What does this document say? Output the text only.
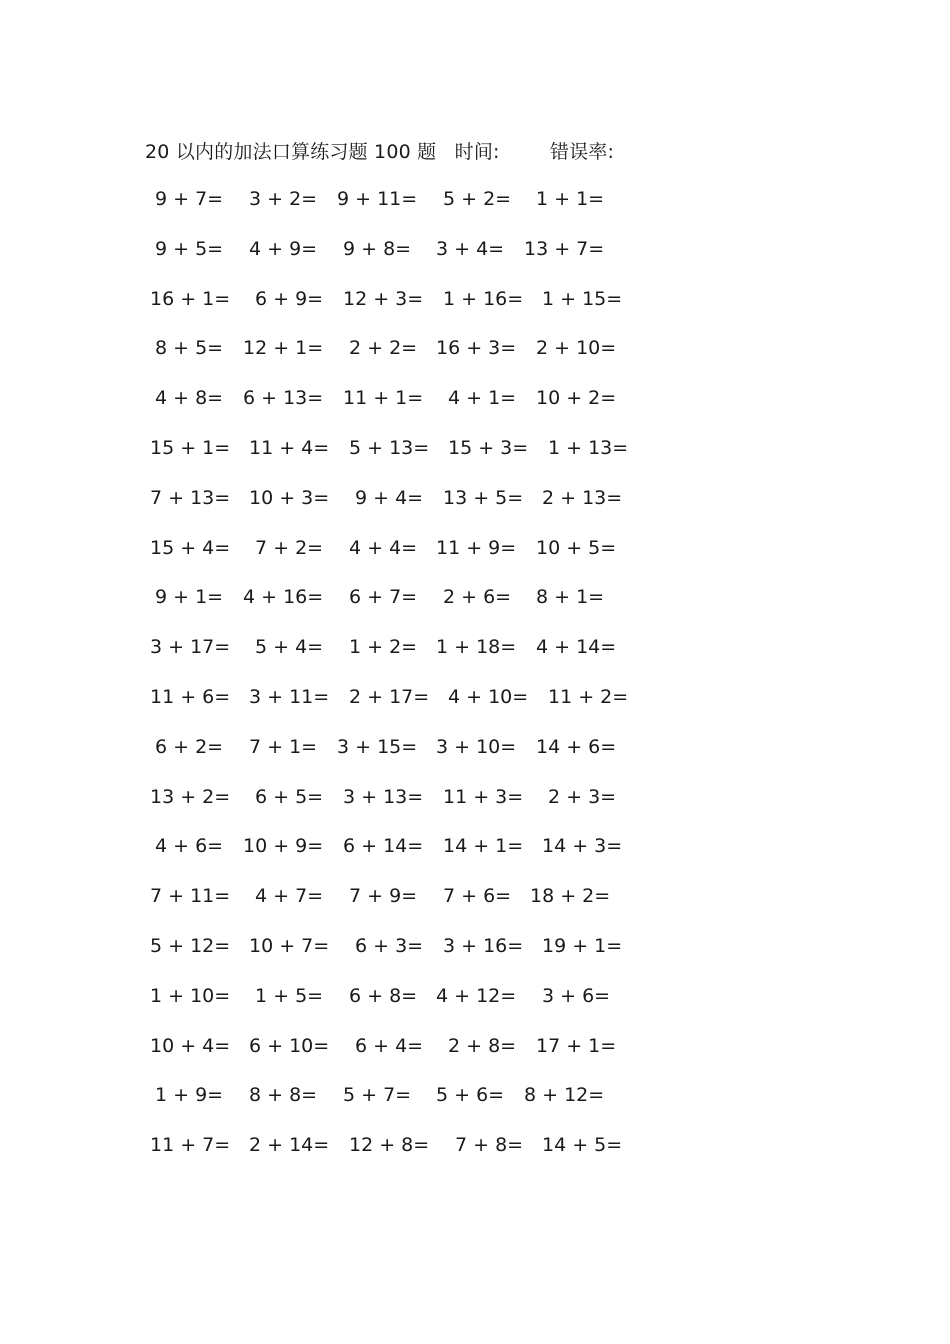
20 以内的加法口算练习题 100 题 时间:	错误率:
9 + 7= 3 + 2= 9 + 11= 5 + 2= 1 + 1=
9 + 5= 4 + 9= 9 + 8= 3 + 4= 13 + 7=
16 + 1= 6 + 9= 12 + 3= 1 + 16= 1 + 15=
8 + 5= 12 + 1= 2 + 2= 16 + 3= 2 + 10=
4 + 8= 6 + 13= 11 + 1= 4 + 1= 10 + 2=
15 + 1= 11 + 4= 5 + 13= 15 + 3= 1 + 13=
7 + 13= 10 + 3= 9 + 4= 13 + 5= 2 + 13=
15 + 4= 7 + 2= 4 + 4= 11 + 9= 10 + 5=
9 + 1= 4 + 16= 6 + 7= 2 + 6= 8 + 1=
3 + 17= 5 + 4= 1 + 2= 1 + 18= 4 + 14=
11 + 6= 3 + 11= 2 + 17= 4 + 10= 11 + 2=
6 + 2= 7 + 1= 3 + 15= 3 + 10= 14 + 6=
13 + 2= 6 + 5= 3 + 13= 11 + 3= 2 + 3=
4 + 6= 10 + 9= 6 + 14= 14 + 1= 14 + 3=
7 + 11= 4 + 7= 7 + 9= 7 + 6= 18 + 2=
5 + 12= 10 + 7= 6 + 3= 3 + 16= 19 + 1=
1 + 10= 1 + 5= 6 + 8= 4 + 12= 3 + 6=
10 + 4= 6 + 10= 6 + 4= 2 + 8= 17 + 1=
1 + 9= 8 + 8= 5 + 7= 5 + 6= 8 + 12=
11 + 7= 2 + 14= 12 + 8= 7 + 8= 14 + 5=
